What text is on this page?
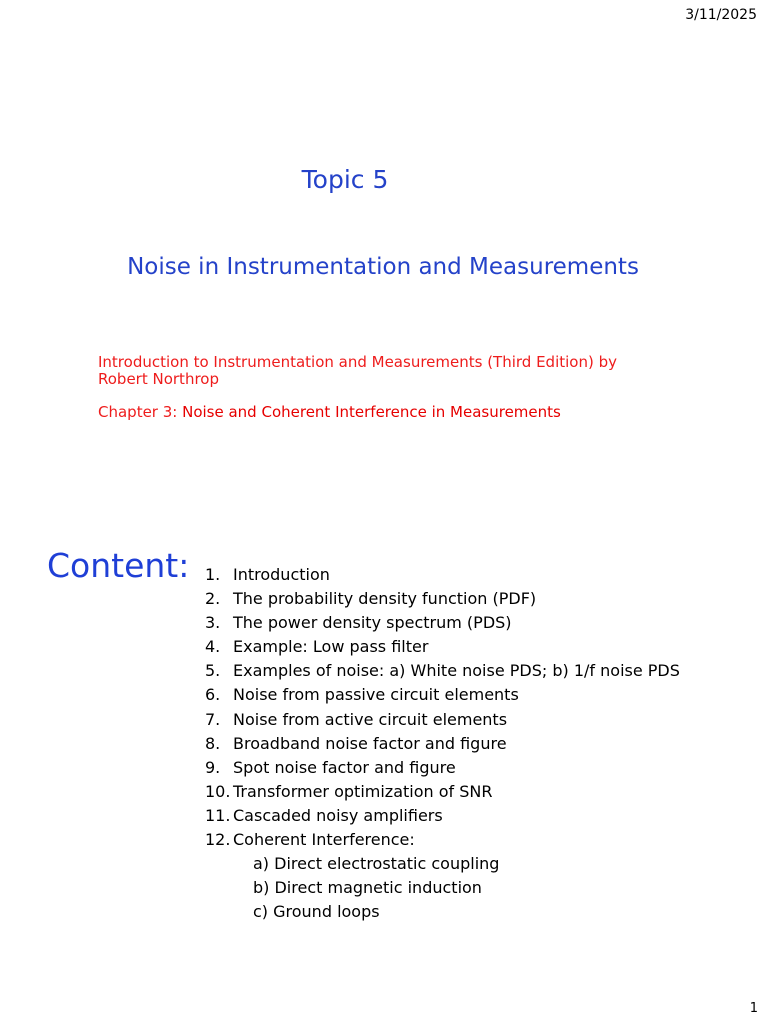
3/11/2025
Topic 5
Noise in Instrumentation and Measurements
Introduction to Instrumentation and Measurements (Third Edition) by Robert Northrop
Chapter 3: Noise and Coherent Interference in Measurements
Content: 1. Introduction
2. The probability density function (PDF)
3. The power density spectrum (PDS)
4. Example: Low pass filter
5. Examples of noise: a) White noise PDS; b) 1/f noise PDS
6. Noise from passive circuit elements
7. Noise from active circuit elements
8. Broadband noise factor and figure
9. Spot noise factor and figure
10. Transformer optimization of SNR
11. Cascaded noisy amplifiers
12. Coherent Interference:
a) Direct electrostatic coupling
b) Direct magnetic induction
c) Ground loops
1
